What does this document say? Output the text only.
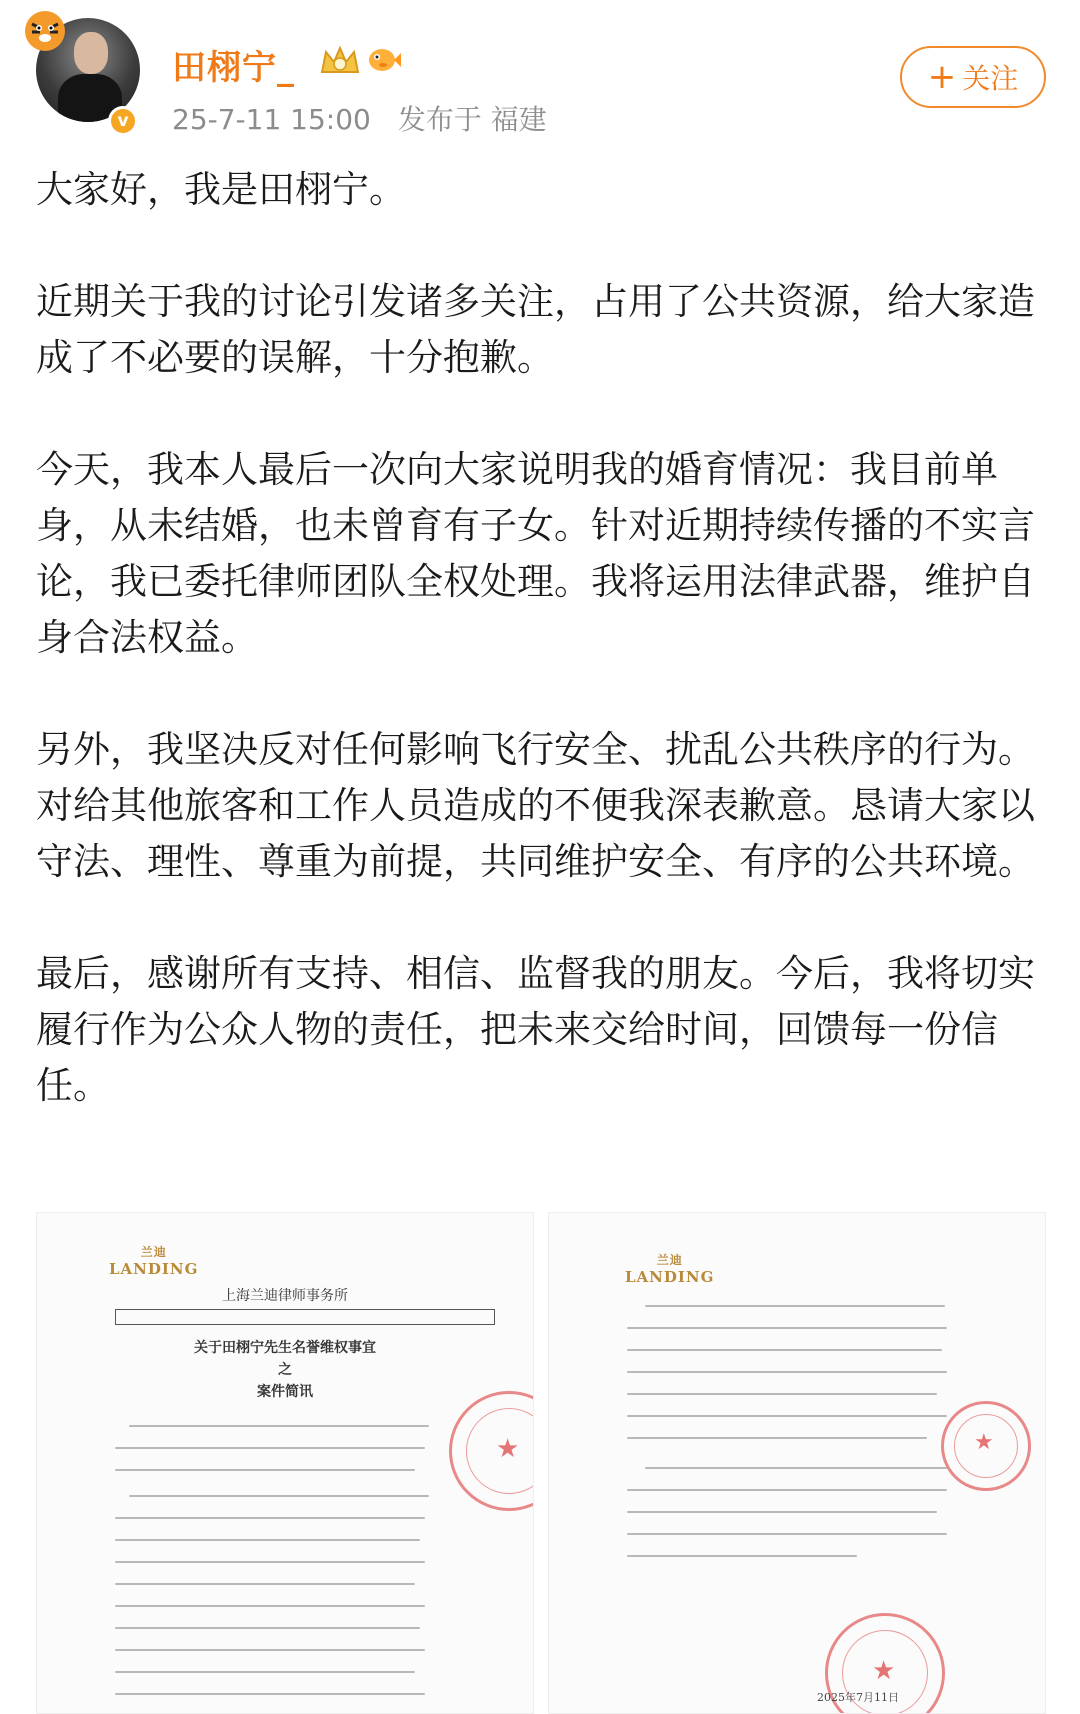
v
田栩宁_
25-7-11 15:00 发布于 福建
+ 关注

大家好，我是田栩宁。

近期关于我的讨论引发诸多关注，占用了公共资源，给大家造成了不必要的误解，十分抱歉。

今天，我本人最后一次向大家说明我的婚育情况：我目前单身，从未结婚，也未曾育有子女。针对近期持续传播的不实言论，我已委托律师团队全权处理。我将运用法律武器，维护自身合法权益。

另外，我坚决反对任何影响飞行安全、扰乱公共秩序的行为。对给其他旅客和工作人员造成的不便我深表歉意。恳请大家以守法、理性、尊重为前提，共同维护安全、有序的公共环境。

最后，感谢所有支持、相信、监督我的朋友。今后，我将切实履行作为公众人物的责任，把未来交给时间，回馈每一份信任。

兰迪
LANDING
上海兰迪律师事务所
关于田栩宁先生名誉维权事宜
之
案件简讯
★
兰迪
LANDING
★
★
2025年7月11日
